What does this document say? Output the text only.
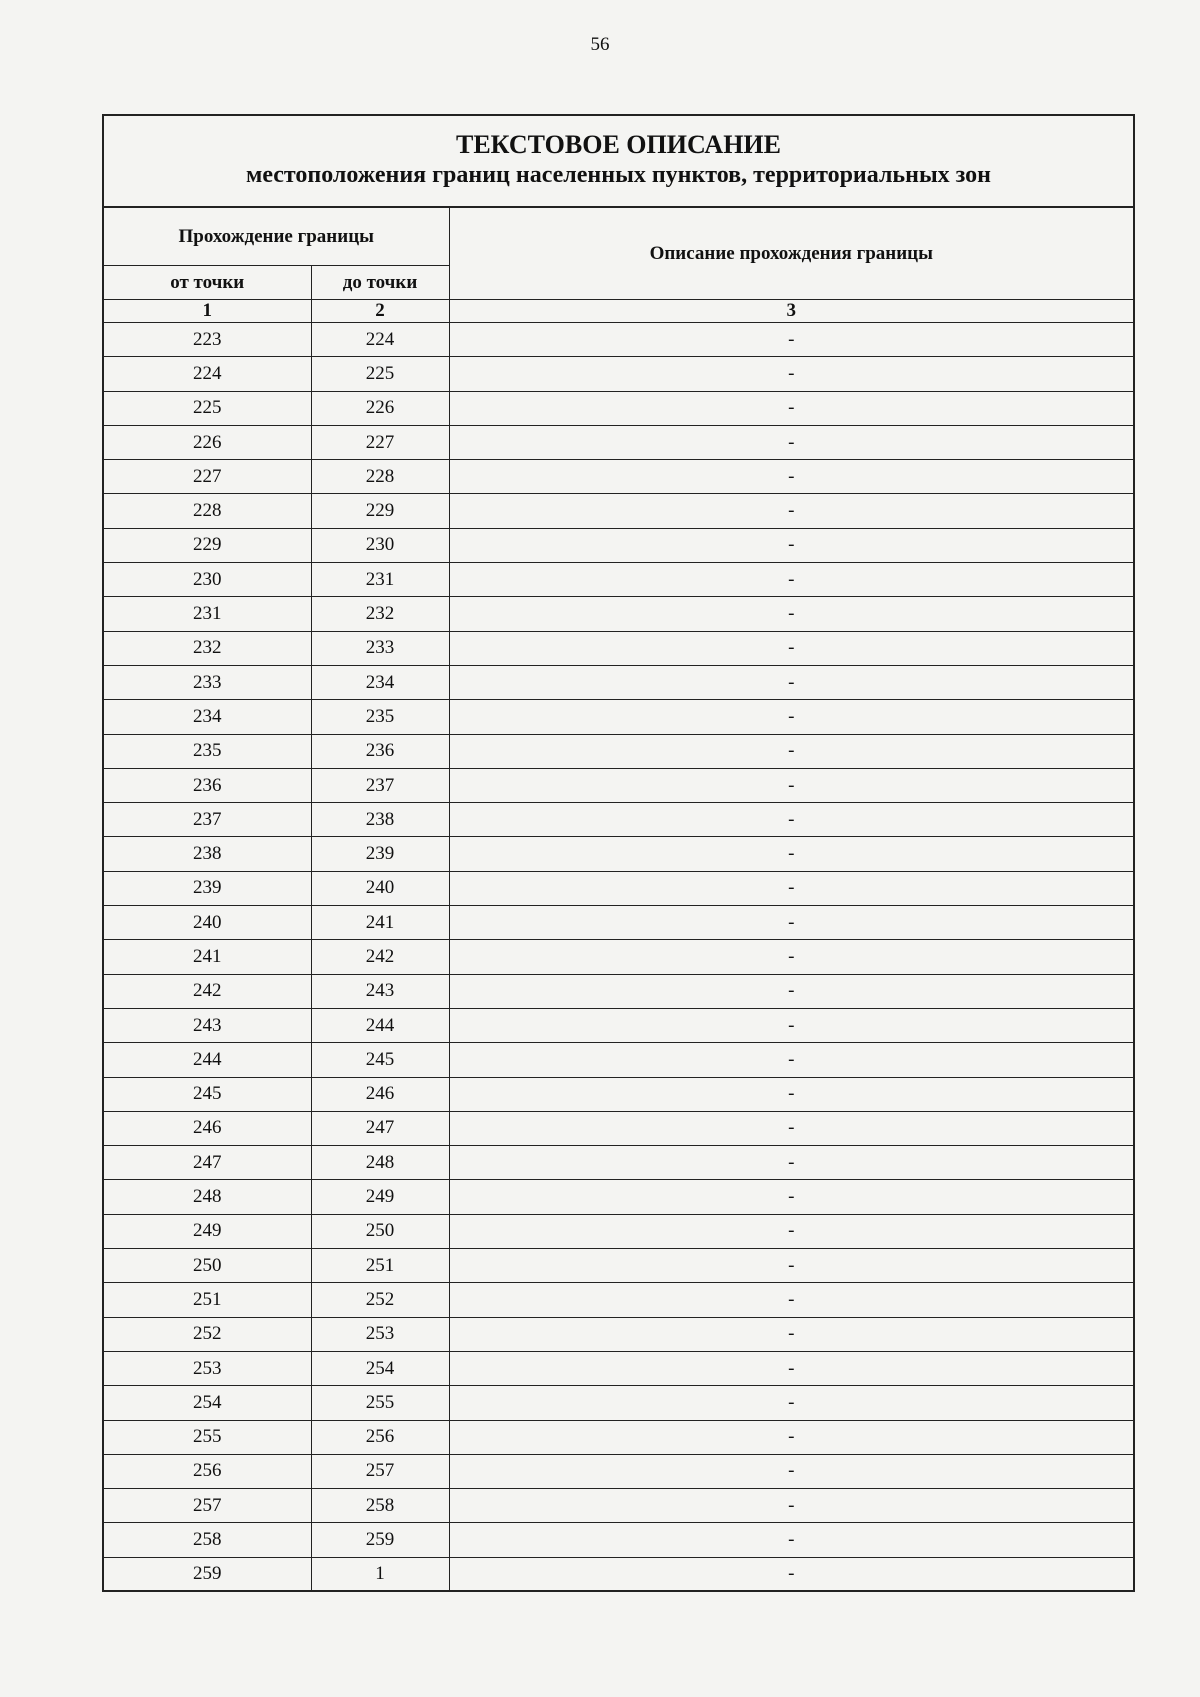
56
ТЕКСТОВОЕ ОПИСАНИЕ
местоположения границ населенных пунктов, территориальных зон
Прохождение границы		Описание прохождения границы
от точки	до точки	
1	2	3
223	224	-
224	225	-
225	226	-
226	227	-
227	228	-
228	229	-
229	230	-
230	231	-
231	232	-
232	233	-
233	234	-
234	235	-
235	236	-
236	237	-
237	238	-
238	239	-
239	240	-
240	241	-
241	242	-
242	243	-
243	244	-
244	245	-
245	246	-
246	247	-
247	248	-
248	249	-
249	250	-
250	251	-
251	252	-
252	253	-
253	254	-
254	255	-
255	256	-
256	257	-
257	258	-
258	259	-
259	1	-
